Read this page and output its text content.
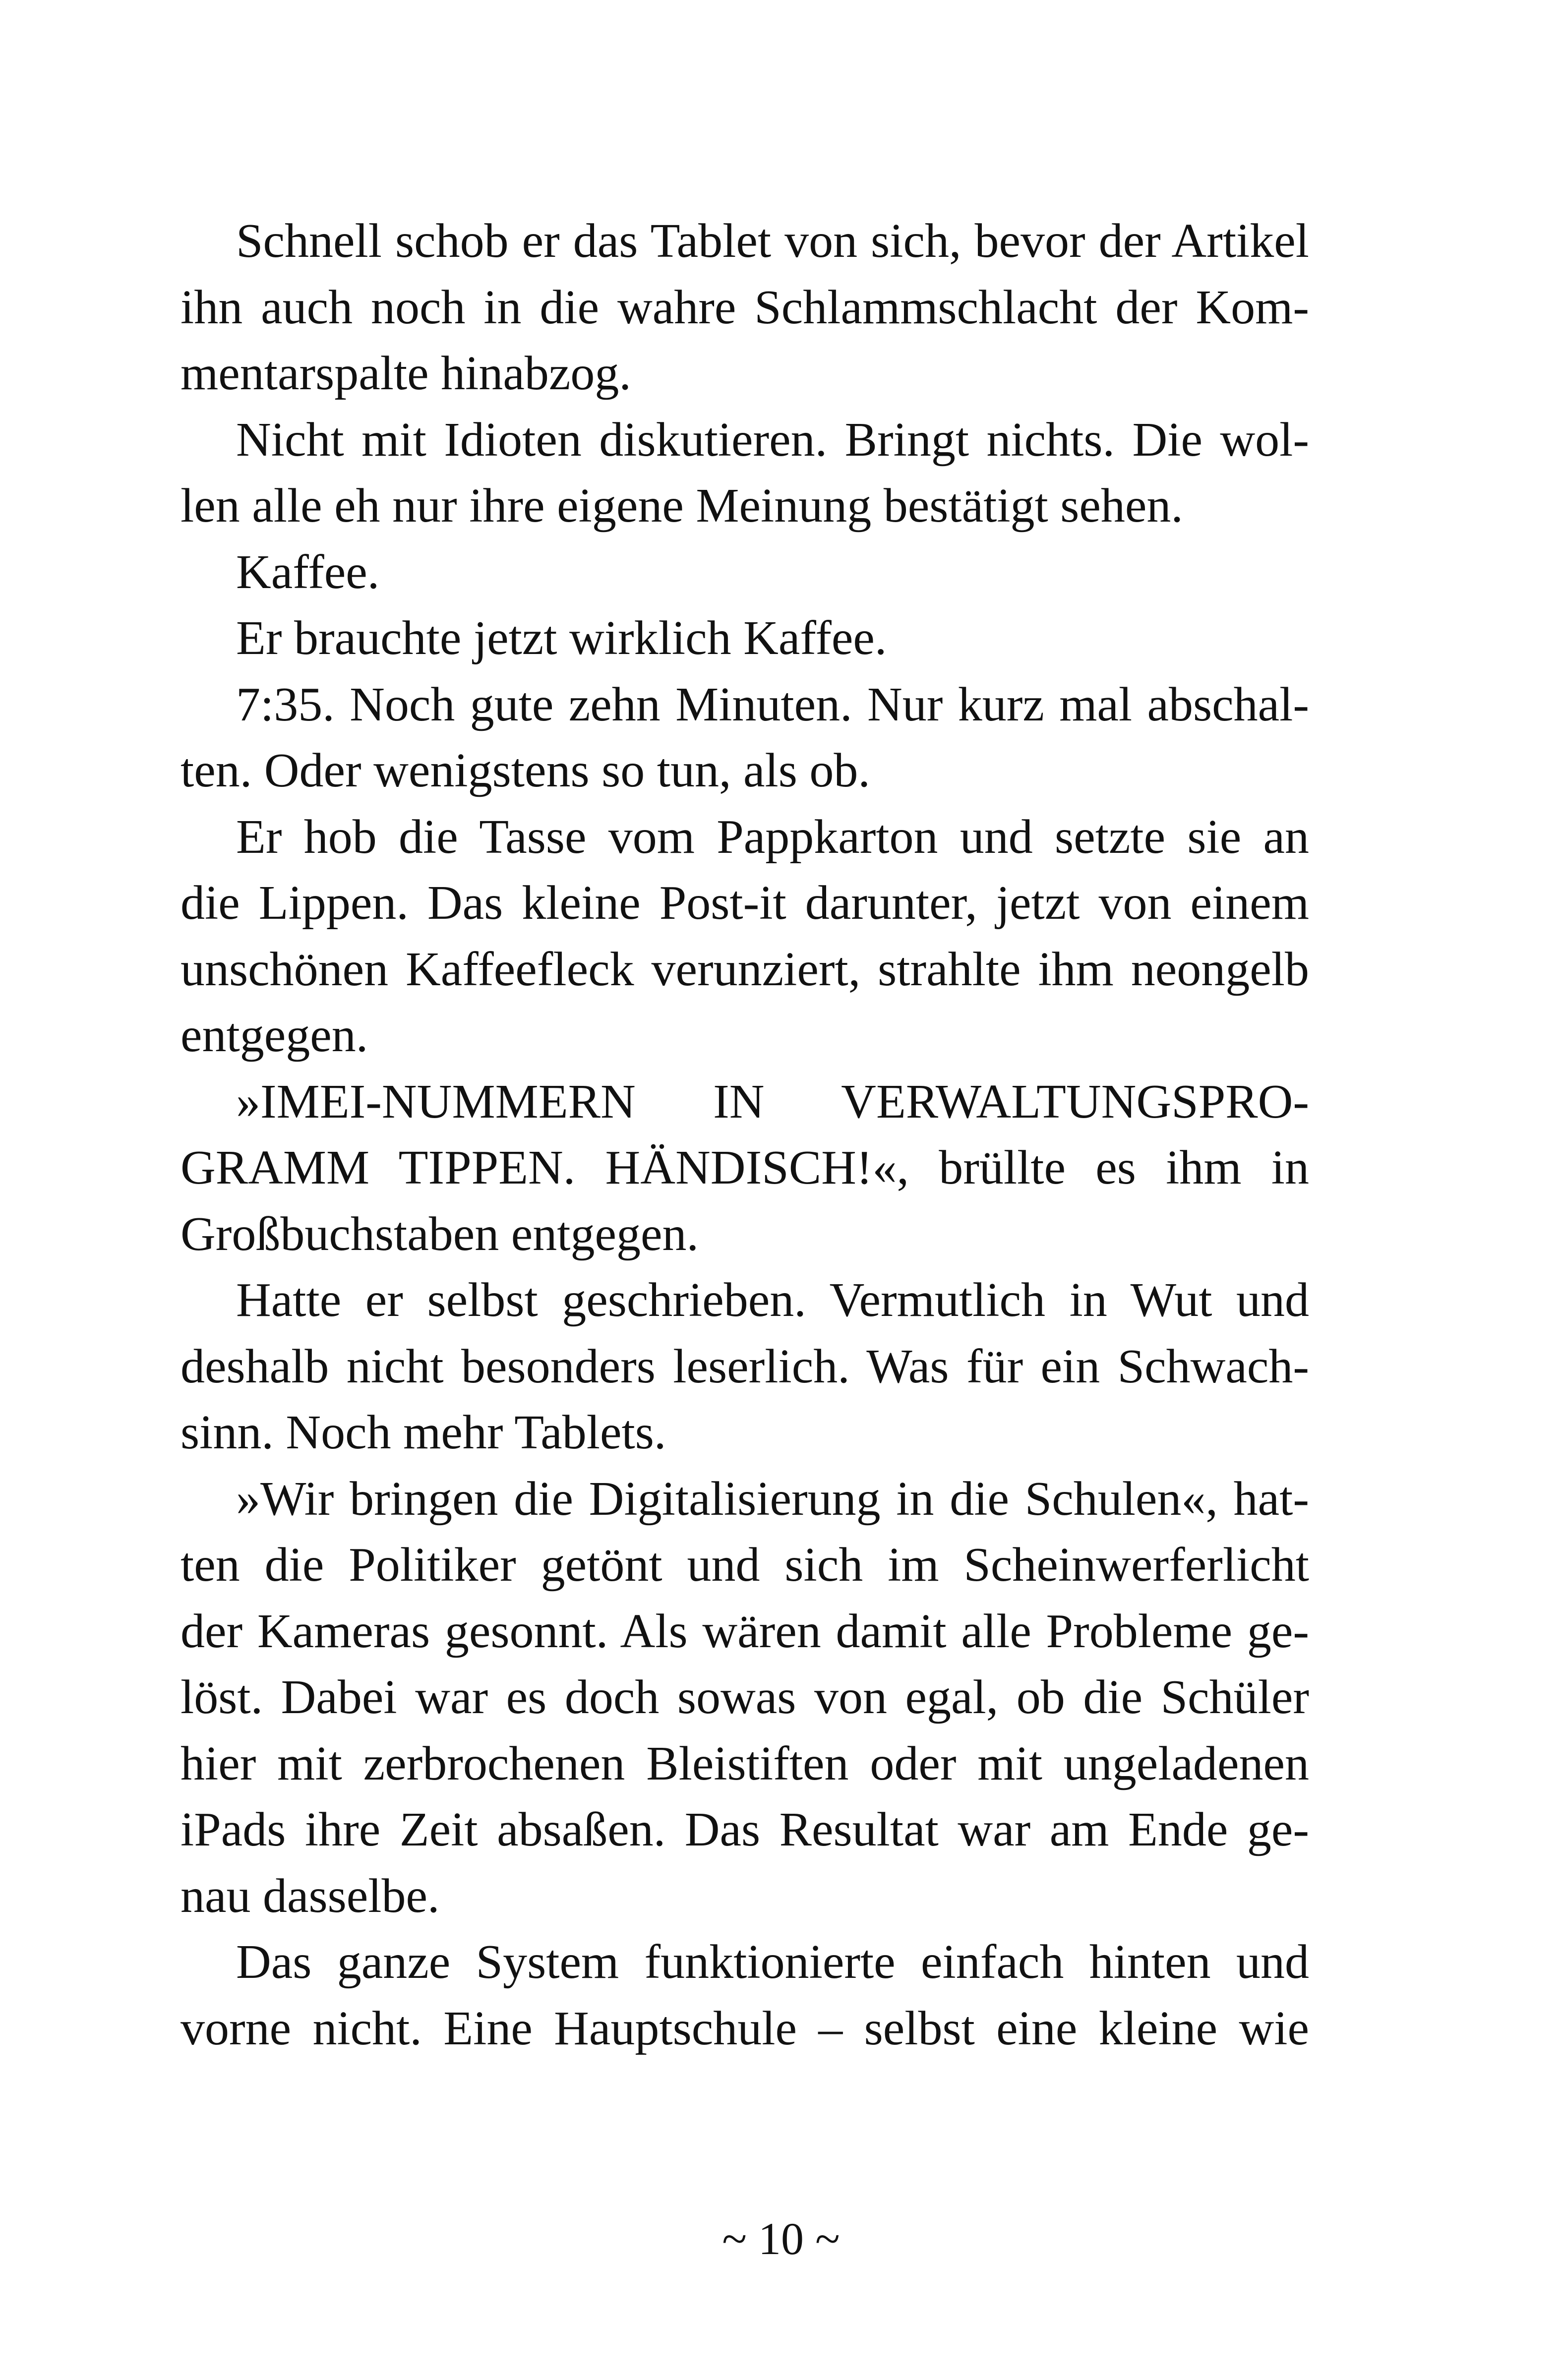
Schnell schob er das Tablet von sich, bevor der Artikel
ihn auch noch in die wahre Schlammschlacht der Kom-
mentarspalte hinabzog.
Nicht mit Idioten diskutieren. Bringt nichts. Die wol-
len alle eh nur ihre eigene Meinung bestätigt sehen.
Kaffee.
Er brauchte jetzt wirklich Kaffee.
7:35. Noch gute zehn Minuten. Nur kurz mal abschal-
ten. Oder wenigstens so tun, als ob.
Er hob die Tasse vom Pappkarton und setzte sie an
die Lippen. Das kleine Post-it darunter, jetzt von einem
unschönen Kaffeefleck verunziert, strahlte ihm neongelb
entgegen.
»IMEI-NUMMERN IN VERWALTUNGSPRO-
GRAMM TIPPEN. HÄNDISCH!«, brüllte es ihm in
Großbuchstaben entgegen.
Hatte er selbst geschrieben. Vermutlich in Wut und
deshalb nicht besonders leserlich. Was für ein Schwach-
sinn. Noch mehr Tablets.
»Wir bringen die Digitalisierung in die Schulen«, hat-
ten die Politiker getönt und sich im Scheinwerferlicht
der Kameras gesonnt. Als wären damit alle Probleme ge-
löst. Dabei war es doch sowas von egal, ob die Schüler
hier mit zerbrochenen Bleistiften oder mit ungeladenen
iPads ihre Zeit absaßen. Das Resultat war am Ende ge-
nau dasselbe.
Das ganze System funktionierte einfach hinten und
vorne nicht. Eine Hauptschule – selbst eine kleine wie
~ 10 ~
